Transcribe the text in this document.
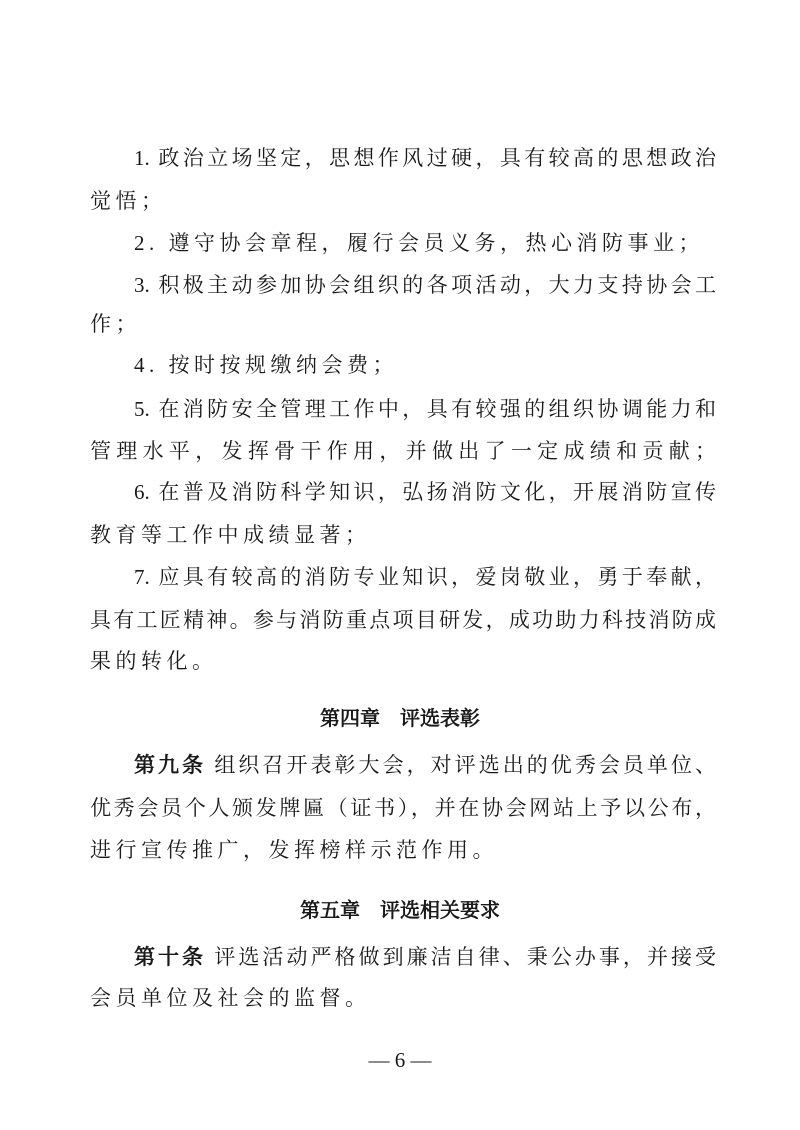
1. 政治立场坚定，思想作风过硬，具有较高的思想政治
觉悟；
2. 遵守协会章程，履行会员义务，热心消防事业；
3. 积极主动参加协会组织的各项活动，大力支持协会工
作；
4. 按时按规缴纳会费；
5. 在消防安全管理工作中，具有较强的组织协调能力和
管理水平，发挥骨干作用，并做出了一定成绩和贡献；
6. 在普及消防科学知识，弘扬消防文化，开展消防宣传
教育等工作中成绩显著；
7. 应具有较高的消防专业知识，爱岗敬业，勇于奉献，
具有工匠精神。参与消防重点项目研发，成功助力科技消防成
果的转化。
第四章　评选表彰
第九条 组织召开表彰大会，对评选出的优秀会员单位、
优秀会员个人颁发牌匾（证书），并在协会网站上予以公布，
进行宣传推广，发挥榜样示范作用。
第五章　评选相关要求
第十条 评选活动严格做到廉洁自律、秉公办事，并接受
会员单位及社会的监督。
— 6 —
